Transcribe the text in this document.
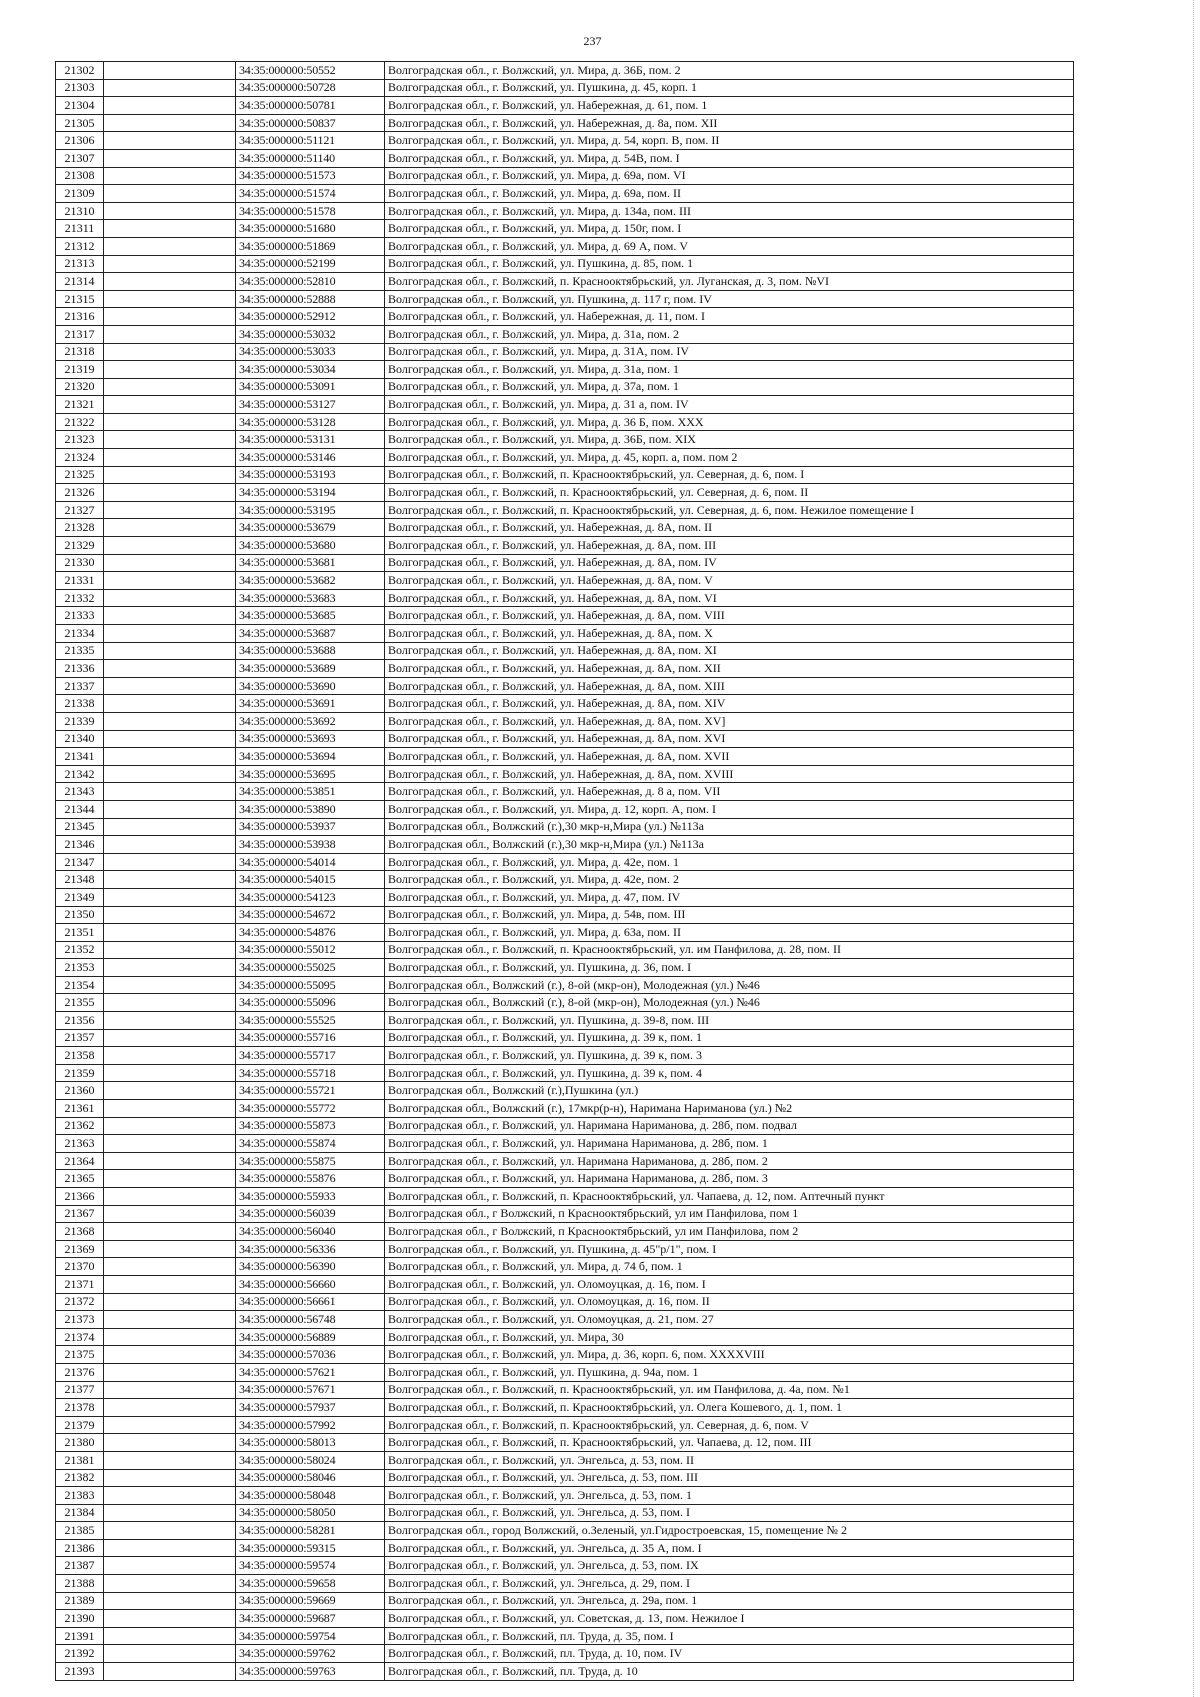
237
21302		34:35:000000:50552	Волгоградская обл., г. Волжский, ул. Мира, д. 36Б, пом. 2
21303		34:35:000000:50728	Волгоградская обл., г. Волжский, ул. Пушкина, д. 45, корп. 1
21304		34:35:000000:50781	Волгоградская обл., г. Волжский, ул. Набережная, д. 61, пом. 1
21305		34:35:000000:50837	Волгоградская обл., г. Волжский, ул. Набережная, д. 8а, пом. XII
21306		34:35:000000:51121	Волгоградская обл., г. Волжский, ул. Мира, д. 54, корп. В, пом. II
21307		34:35:000000:51140	Волгоградская обл., г. Волжский, ул. Мира, д. 54В, пом. I
21308		34:35:000000:51573	Волгоградская обл., г. Волжский, ул. Мира, д. 69а, пом. VI
21309		34:35:000000:51574	Волгоградская обл., г. Волжский, ул. Мира, д. 69а, пом. II
21310		34:35:000000:51578	Волгоградская обл., г. Волжский, ул. Мира, д. 134а, пом. III
21311		34:35:000000:51680	Волгоградская обл., г. Волжский, ул. Мира, д. 150г, пом. I
21312		34:35:000000:51869	Волгоградская обл., г. Волжский, ул. Мира, д. 69 А, пом. V
21313		34:35:000000:52199	Волгоградская обл., г. Волжский, ул. Пушкина, д. 85, пом. 1
21314		34:35:000000:52810	Волгоградская обл., г. Волжский, п. Краснооктябрьский, ул. Луганская, д. 3, пом. №VI
21315		34:35:000000:52888	Волгоградская обл., г. Волжский, ул. Пушкина, д. 117 г, пом. IV
21316		34:35:000000:52912	Волгоградская обл., г. Волжский, ул. Набережная, д. 11, пом. I
21317		34:35:000000:53032	Волгоградская обл., г. Волжский, ул. Мира, д. 31а, пом. 2
21318		34:35:000000:53033	Волгоградская обл., г. Волжский, ул. Мира, д. 31А, пом. IV
21319		34:35:000000:53034	Волгоградская обл., г. Волжский, ул. Мира, д. 31а, пом. 1
21320		34:35:000000:53091	Волгоградская обл., г. Волжский, ул. Мира, д. 37а, пом. 1
21321		34:35:000000:53127	Волгоградская обл., г. Волжский, ул. Мира, д. 31 а, пом. IV
21322		34:35:000000:53128	Волгоградская обл., г. Волжский, ул. Мира, д. 36 Б, пом. XXX
21323		34:35:000000:53131	Волгоградская обл., г. Волжский, ул. Мира, д. 36Б, пом. XIX
21324		34:35:000000:53146	Волгоградская обл., г. Волжский, ул. Мира, д. 45, корп. а, пом. пом 2
21325		34:35:000000:53193	Волгоградская обл., г. Волжский, п. Краснооктябрьский, ул. Северная, д. 6, пом. I
21326		34:35:000000:53194	Волгоградская обл., г. Волжский, п. Краснооктябрьский, ул. Северная, д. 6, пом. II
21327		34:35:000000:53195	Волгоградская обл., г. Волжский, п. Краснооктябрьский, ул. Северная, д. 6, пом. Нежилое помещение I
21328		34:35:000000:53679	Волгоградская обл., г. Волжский, ул. Набережная, д. 8А, пом. II
21329		34:35:000000:53680	Волгоградская обл., г. Волжский, ул. Набережная, д. 8А, пом. III
21330		34:35:000000:53681	Волгоградская обл., г. Волжский, ул. Набережная, д. 8А, пом. IV
21331		34:35:000000:53682	Волгоградская обл., г. Волжский, ул. Набережная, д. 8А, пом. V
21332		34:35:000000:53683	Волгоградская обл., г. Волжский, ул. Набережная, д. 8А, пом. VI
21333		34:35:000000:53685	Волгоградская обл., г. Волжский, ул. Набережная, д. 8А, пом. VIII
21334		34:35:000000:53687	Волгоградская обл., г. Волжский, ул. Набережная, д. 8А, пом. X
21335		34:35:000000:53688	Волгоградская обл., г. Волжский, ул. Набережная, д. 8А, пом. XI
21336		34:35:000000:53689	Волгоградская обл., г. Волжский, ул. Набережная, д. 8А, пом. XII
21337		34:35:000000:53690	Волгоградская обл., г. Волжский, ул. Набережная, д. 8А, пом. XIII
21338		34:35:000000:53691	Волгоградская обл., г. Волжский, ул. Набережная, д. 8А, пом. XIV
21339		34:35:000000:53692	Волгоградская обл., г. Волжский, ул. Набережная, д. 8А, пом. XV]
21340		34:35:000000:53693	Волгоградская обл., г. Волжский, ул. Набережная, д. 8А, пом. XVI
21341		34:35:000000:53694	Волгоградская обл., г. Волжский, ул. Набережная, д. 8А, пом. XVII
21342		34:35:000000:53695	Волгоградская обл., г. Волжский, ул. Набережная, д. 8А, пом. XVIII
21343		34:35:000000:53851	Волгоградская обл., г. Волжский, ул. Набережная, д. 8 а, пом. VII
21344		34:35:000000:53890	Волгоградская обл., г. Волжский, ул. Мира, д. 12, корп. А, пом. I
21345		34:35:000000:53937	Волгоградская обл., Волжский (г.),30 мкр-н,Мира (ул.) №113а
21346		34:35:000000:53938	Волгоградская обл., Волжский (г.),30 мкр-н,Мира (ул.) №113а
21347		34:35:000000:54014	Волгоградская обл., г. Волжский, ул. Мира, д. 42е, пом. 1
21348		34:35:000000:54015	Волгоградская обл., г. Волжский, ул. Мира, д. 42е, пом. 2
21349		34:35:000000:54123	Волгоградская обл., г. Волжский, ул. Мира, д. 47, пом. IV
21350		34:35:000000:54672	Волгоградская обл., г. Волжский, ул. Мира, д. 54в, пом. III
21351		34:35:000000:54876	Волгоградская обл., г. Волжский, ул. Мира, д. 63а, пом. II
21352		34:35:000000:55012	Волгоградская обл., г. Волжский, п. Краснооктябрьский, ул. им Панфилова, д. 28, пом. II
21353		34:35:000000:55025	Волгоградская обл., г. Волжский, ул. Пушкина, д. 36, пом. I
21354		34:35:000000:55095	Волгоградская обл., Волжский (г.), 8-ой (мкр-он), Молодежная (ул.) №46
21355		34:35:000000:55096	Волгоградская обл., Волжский (г.), 8-ой (мкр-он), Молодежная (ул.) №46
21356		34:35:000000:55525	Волгоградская обл., г. Волжский, ул. Пушкина, д. 39-8, пом. III
21357		34:35:000000:55716	Волгоградская обл., г. Волжский, ул. Пушкина, д. 39 к, пом. 1
21358		34:35:000000:55717	Волгоградская обл., г. Волжский, ул. Пушкина, д. 39 к, пом. 3
21359		34:35:000000:55718	Волгоградская обл., г. Волжский, ул. Пушкина, д. 39 к, пом. 4
21360		34:35:000000:55721	Волгоградская обл., Волжский (г.),Пушкина (ул.)
21361		34:35:000000:55772	Волгоградская обл., Волжский (г.), 17мкр(р-н), Наримана Нариманова (ул.) №2
21362		34:35:000000:55873	Волгоградская обл., г. Волжский, ул. Наримана Нариманова, д. 28б, пом. подвал
21363		34:35:000000:55874	Волгоградская обл., г. Волжский, ул. Наримана Нариманова, д. 28б, пом. 1
21364		34:35:000000:55875	Волгоградская обл., г. Волжский, ул. Наримана Нариманова, д. 28б, пом. 2
21365		34:35:000000:55876	Волгоградская обл., г. Волжский, ул. Наримана Нариманова, д. 28б, пом. 3
21366		34:35:000000:55933	Волгоградская обл., г. Волжский, п. Краснооктябрьский, ул. Чапаева, д. 12, пом. Аптечный пункт
21367		34:35:000000:56039	Волгоградская обл., г Волжский, п Краснооктябрьский, ул им Панфилова, пом 1
21368		34:35:000000:56040	Волгоградская обл., г Волжский, п Краснооктябрьский, ул им Панфилова, пом 2
21369		34:35:000000:56336	Волгоградская обл., г. Волжский, ул. Пушкина, д. 45"р/1", пом. I
21370		34:35:000000:56390	Волгоградская обл., г. Волжский, ул. Мира, д. 74 б, пом. 1
21371		34:35:000000:56660	Волгоградская обл., г. Волжский, ул. Оломоуцкая, д. 16, пом. I
21372		34:35:000000:56661	Волгоградская обл., г. Волжский, ул. Оломоуцкая, д. 16, пом. II
21373		34:35:000000:56748	Волгоградская обл., г. Волжский, ул. Оломоуцкая, д. 21, пом. 27
21374		34:35:000000:56889	Волгоградская обл., г. Волжский, ул. Мира, 30
21375		34:35:000000:57036	Волгоградская обл., г. Волжский, ул. Мира, д. 36, корп. 6, пом. XXXXVIII
21376		34:35:000000:57621	Волгоградская обл., г. Волжский, ул. Пушкина, д. 94а, пом. 1
21377		34:35:000000:57671	Волгоградская обл., г. Волжский, п. Краснооктябрьский, ул. им Панфилова, д. 4а, пом. №1
21378		34:35:000000:57937	Волгоградская обл., г. Волжский, п. Краснооктябрьский, ул. Олега Кошевого, д. 1, пом. 1
21379		34:35:000000:57992	Волгоградская обл., г. Волжский, п. Краснооктябрьский, ул. Северная, д. 6, пом. V
21380		34:35:000000:58013	Волгоградская обл., г. Волжский, п. Краснооктябрьский, ул. Чапаева, д. 12, пом. III
21381		34:35:000000:58024	Волгоградская обл., г. Волжский, ул. Энгельса, д. 53, пом. II
21382		34:35:000000:58046	Волгоградская обл., г. Волжский, ул. Энгельса, д. 53, пом. III
21383		34:35:000000:58048	Волгоградская обл., г. Волжский, ул. Энгельса, д. 53, пом. 1
21384		34:35:000000:58050	Волгоградская обл., г. Волжский, ул. Энгельса, д. 53, пом. I
21385		34:35:000000:58281	Волгоградская обл., город Волжский, о.Зеленый, ул.Гидростроевская, 15, помещение № 2
21386		34:35:000000:59315	Волгоградская обл., г. Волжский, ул. Энгельса, д. 35 А, пом. I
21387		34:35:000000:59574	Волгоградская обл., г. Волжский, ул. Энгельса, д. 53, пом. IX
21388		34:35:000000:59658	Волгоградская обл., г. Волжский, ул. Энгельса, д. 29, пом. I
21389		34:35:000000:59669	Волгоградская обл., г. Волжский, ул. Энгельса, д. 29а, пом. 1
21390		34:35:000000:59687	Волгоградская обл., г. Волжский, ул. Советская, д. 13, пом. Нежилое I
21391		34:35:000000:59754	Волгоградская обл., г. Волжский, пл. Труда, д. 35, пом. I
21392		34:35:000000:59762	Волгоградская обл., г. Волжский, пл. Труда, д. 10, пом. IV
21393		34:35:000000:59763	Волгоградская обл., г. Волжский, пл. Труда, д. 10
